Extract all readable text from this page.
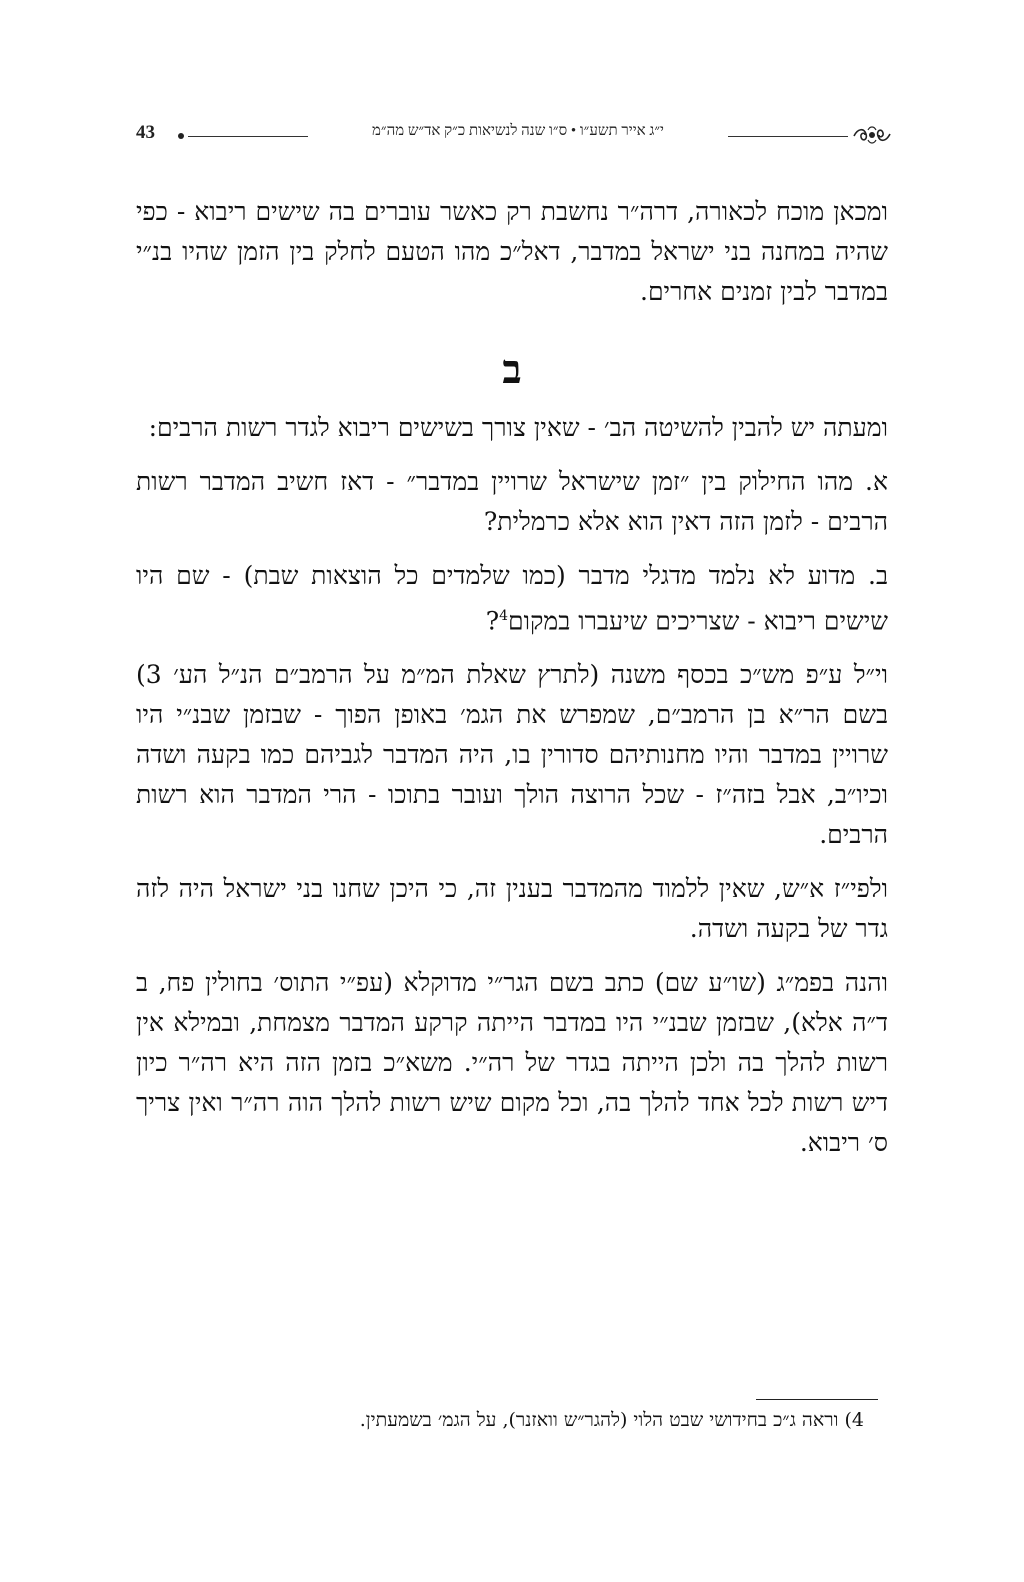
43	י״ג אייר תשע״ו • ס״ו שנה לנשיאות כ״ק אד״ש מה״מ

ומכאן מוכח לכאורה, דרה״ר נחשבת רק כאשר עוברים בה שישים ריבוא - כפי שהיה במחנה בני ישראל במדבר, דאל״כ מהו הטעם לחלק בין הזמן שהיו בנ״י במדבר לבין זמנים אחרים.

ב

ומעתה יש להבין להשיטה הב׳ - שאין צורך בשישים ריבוא לגדר רשות הרבים:

א. מהו החילוק בין ״זמן שישראל שרויין במדבר״ - דאז חשיב המדבר רשות הרבים - לזמן הזה דאין הוא אלא כרמלית?

ב. מדוע לא נלמד מדגלי מדבר (כמו שלמדים כל הוצאות שבת) - שם היו שישים ריבוא - שצריכים שיעברו במקום$^4$?

וי״ל ע״פ מש״כ בכסף משנה (לתרץ שאלת המ״מ על הרמב״ם הנ״ל הע׳ 3) בשם הר״א בן הרמב״ם, שמפרש את הגמ׳ באופן הפוך - שבזמן שבנ״י היו שרויין במדבר והיו מחנותיהם סדורין בו, היה המדבר לגביהם כמו בקעה ושדה וכיו״ב, אבל בזה״ז - שכל הרוצה הולך ועובר בתוכו - הרי המדבר הוא רשות הרבים.

ולפי״ז א״ש, שאין ללמוד מהמדבר בענין זה, כי היכן שחנו בני ישראל היה לזה גדר של בקעה ושדה.

והנה בפמ״ג (שו״ע שם) כתב בשם הגר״י מדוקלא (עפ״י התוס׳ בחולין פח, ב ד״ה אלא), שבזמן שבנ״י היו במדבר הייתה קרקע המדבר מצמחת, ובמילא אין רשות להלך בה ולכן הייתה בגדר של רה״י. משא״כ בזמן הזה היא רה״ר כיון דיש רשות לכל אחד להלך בה, וכל מקום שיש רשות להלך הוה רה״ר ואין צריך ס׳ ריבוא.

4) וראה ג״כ בחידושי שבט הלוי (להגר״ש וואזנר), על הגמ׳ בשמעתין.
